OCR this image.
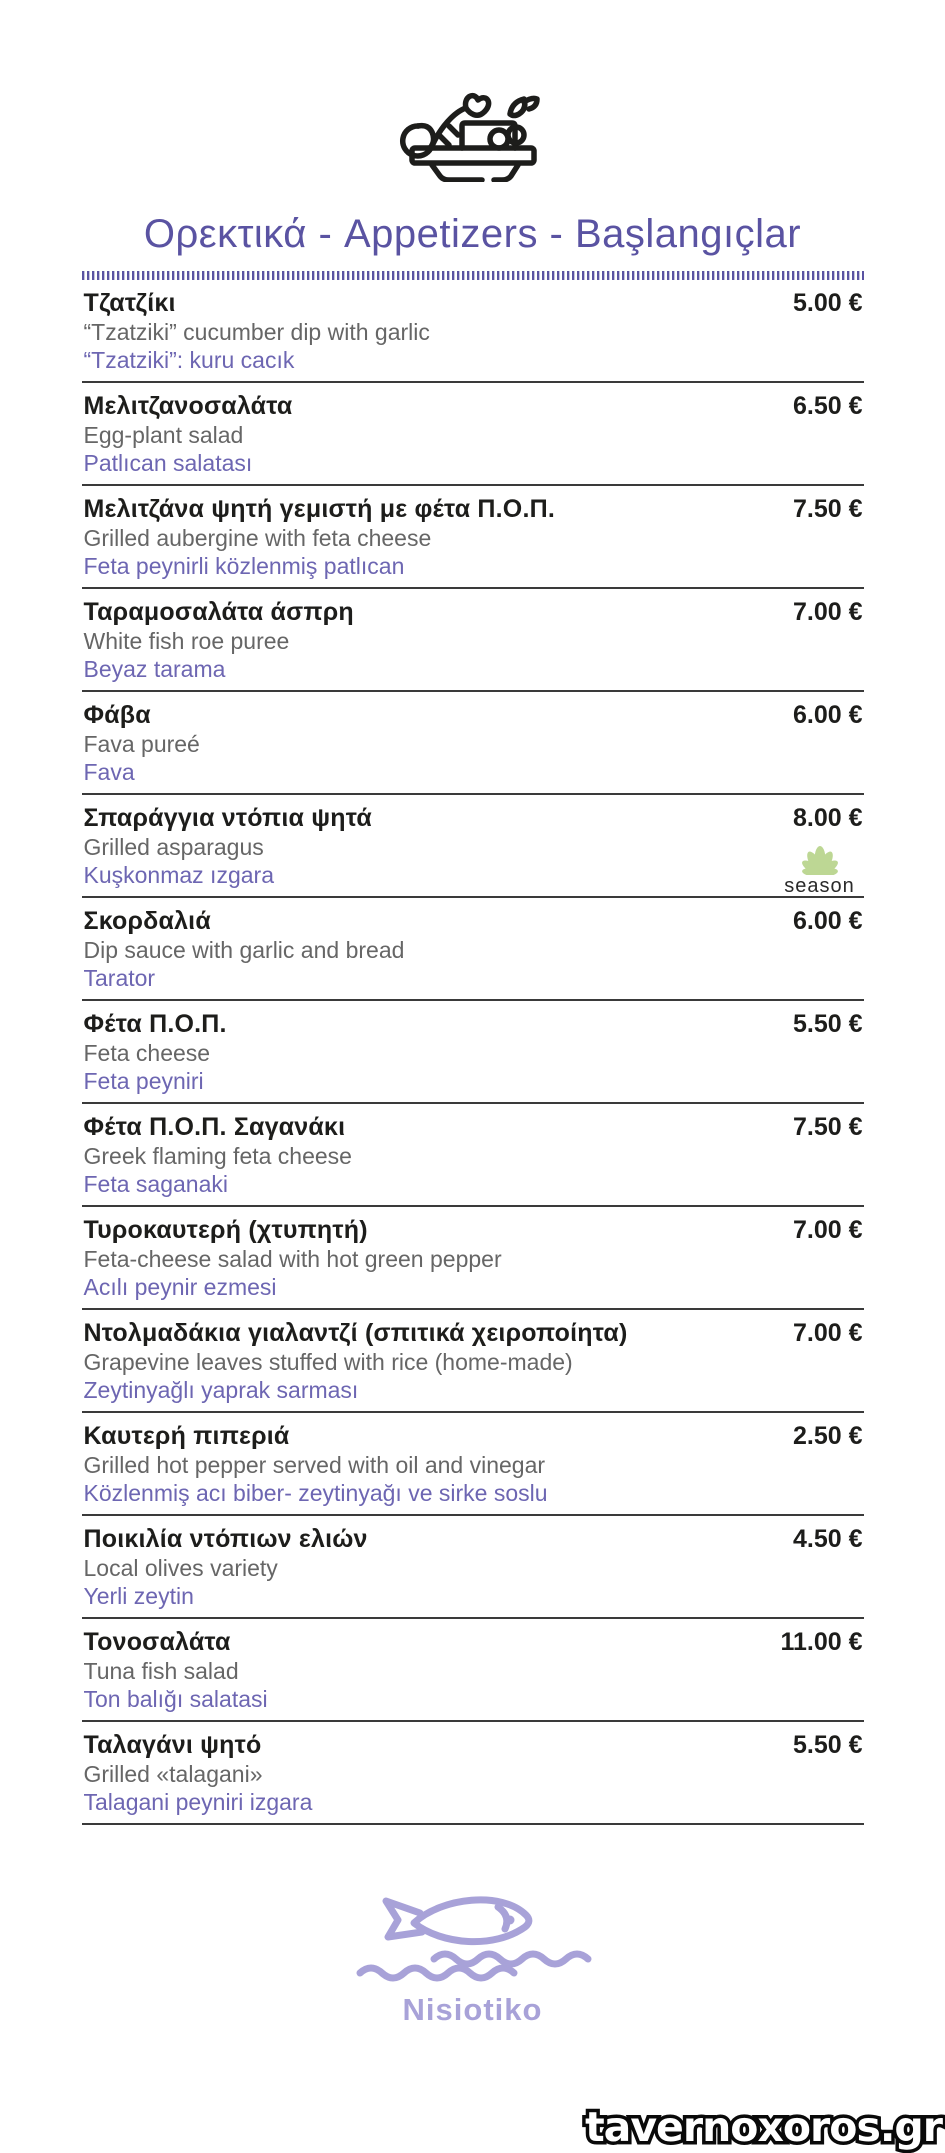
Ορεκτικά - Appetizers - Başlangıçlar
Τζατζίκι	5.00 €
“Tzatziki” cucumber dip with garlic
“Tzatziki”: kuru cacık
Μελιτζανοσαλάτα	6.50 €
Egg-plant salad
Patlıcan salatası
Μελιτζάνα ψητή γεμιστή με φέτα Π.Ο.Π.	7.50 €
Grilled aubergine with feta cheese
Feta peynirli közlenmiş patlıcan
Ταραμοσαλάτα άσπρη	7.00 €
White fish roe puree
Beyaz tarama
Φάβα	6.00 €
Fava pureé
Fava
Σπαράγγια ντόπια ψητά	8.00 €
Grilled asparagus
Kuşkonmaz ızgara	season
Σκορδαλιά	6.00 €
Dip sauce with garlic and bread
Tarator
Φέτα Π.Ο.Π.	5.50 €
Feta cheese
Feta peyniri
Φέτα Π.Ο.Π. Σαγανάκι	7.50 €
Greek flaming feta cheese
Feta saganaki
Τυροκαυτερή (χτυπητή)	7.00 €
Feta-cheese salad with hot green pepper
Acılı peynir ezmesi
Ντολμαδάκια γιαλαντζί (σπιτικά χειροποίητα)	7.00 €
Grapevine leaves stuffed with rice (home-made)
Zeytinyağlı yaprak sarması
Καυτερή πιπεριά	2.50 €
Grilled hot pepper served with oil and vinegar
Közlenmiş acı biber- zeytinyağı ve sirke soslu
Ποικιλία ντόπιων ελιών	4.50 €
Local olives variety
Yerli zeytin
Τονοσαλάτα	11.00 €
Tuna fish salad
Ton balığı salatasi
Ταλαγάνι ψητό	5.50 €
Grilled «talagani»
Talagani peyniri izgara
Nisiotiko
tavernoxoros.gr
